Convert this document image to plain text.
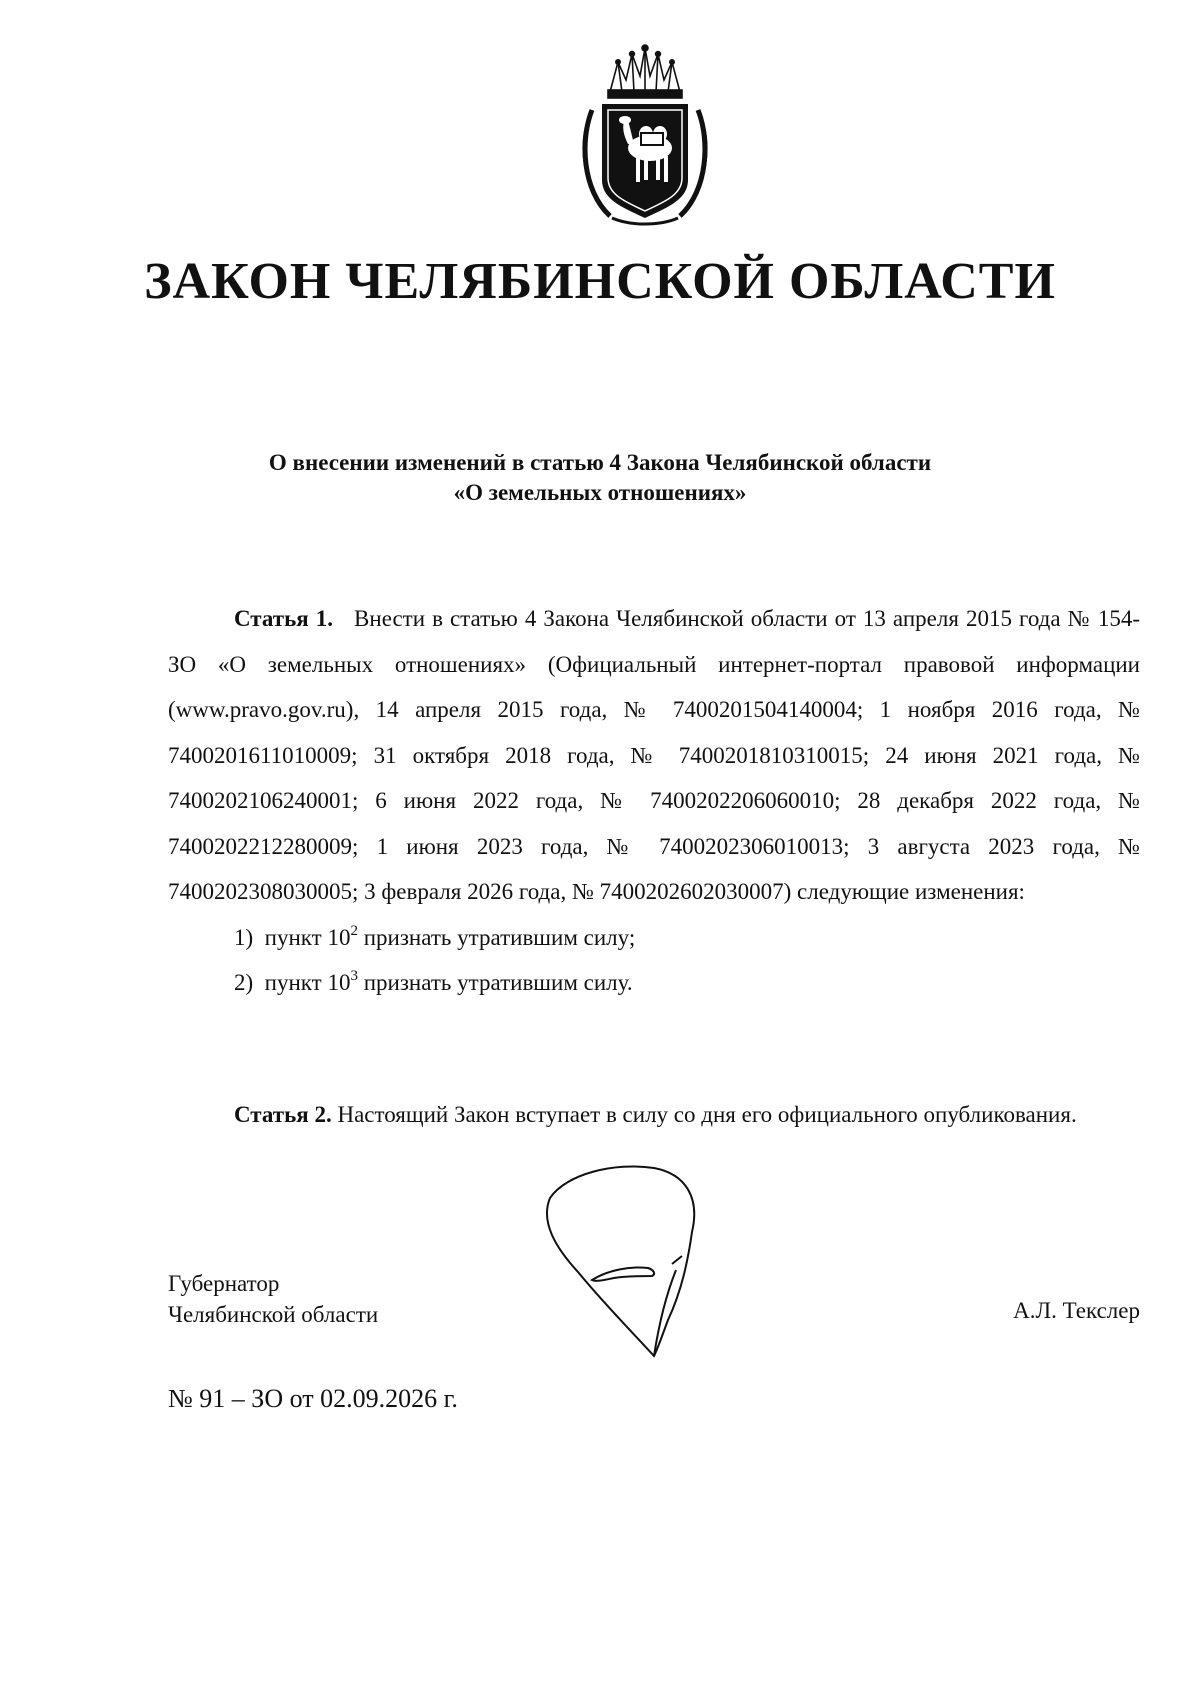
ЗАКОН ЧЕЛЯБИНСКОЙ ОБЛАСТИ
О внесении изменений в статью 4 Закона Челябинской области
«О земельных отношениях»

Статья 1. Внести в статью 4 Закона Челябинской области от 13 апреля 2015 года № 154-ЗО «О земельных отношениях» (Официальный интернет-портал правовой информации (www.pravo.gov.ru), 14 апреля 2015 года, № 7400201504140004; 1 ноября 2016 года, № 7400201611010009; 31 октября 2018 года, № 7400201810310015; 24 июня 2021 года, № 7400202106240001; 6 июня 2022 года, № 7400202206060010; 28 декабря 2022 года, № 7400202212280009; 1 июня 2023 года, № 7400202306010013; 3 августа 2023 года, № 7400202308030005; 3 февраля 2026 года, № 7400202602030007) следующие изменения:

1) пункт $10^2$ признать утратившим силу;

2) пункт $10^3$ признать утратившим силу.

Статья 2. Настоящий Закон вступает в силу со дня его официального опубликования.

Губернатор
Челябинской области	А.Л. Текслер
№ 91 – ЗО от 02.09.2026 г.
